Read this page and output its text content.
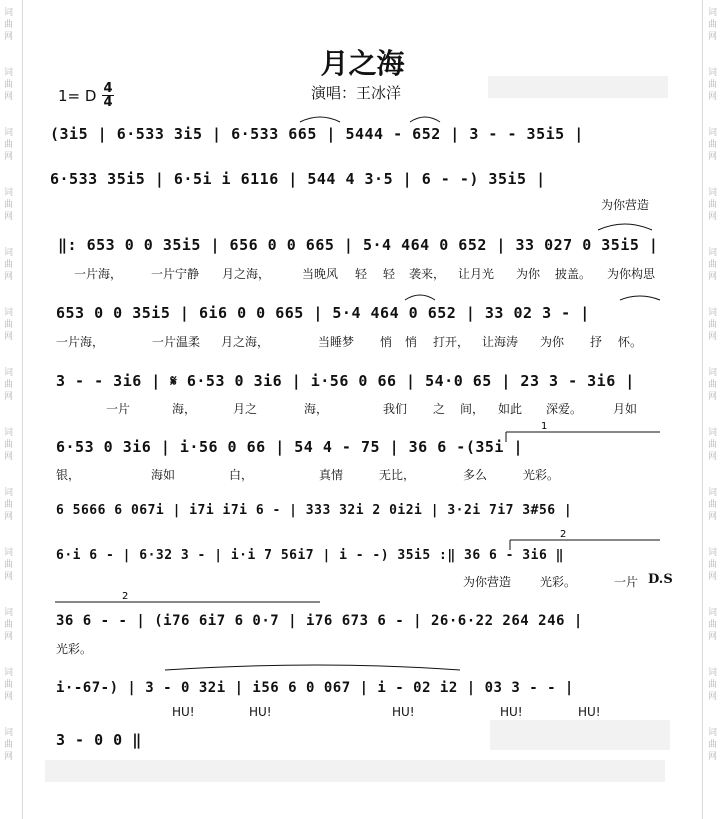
词
曲
网
词
曲
网
词
曲
网
词
曲
网
词
曲
网
词
曲
网
词
曲
网
词
曲
网
词
曲
网
词
曲
网
词
曲
网
词
曲
网
词
曲
网
词
曲
网
词
曲
网
词
曲
网
词
曲
网
词
曲
网
词
曲
网
词
曲
网
词
曲
网
词
曲
网
词
曲
网
词
曲
网
词
曲
网
词
曲
网
月之海
演唱：王冰洋
1= D 4
4
(3i5 | 6·533 3i5 | 6·533 665 | 5444 - 652 | 3 - - 35i5 |
6·533 35i5 | 6·5i i 6116 | 544 4 3·5 | 6 - -) 35i5 |
‖: 653 0 0 35i5 | 656 0 0 665 | 5·4 464 0 652 | 33 027 0 35i5 |
653 0 0 35i5 | 6i6 0 0 665 | 5·4 464 0 652 | 33 02 3 - |
3 - - 3i6 | 𝄋 6·53 0 3i6 | i·56 0 66 | 54·0 65 | 23 3 - 3i6 |
6·53 0 3i6 | i·56 0 66 | 54 4 - 75 | 36 6 -(35i |
6 5666 6 067i | i7i i7i 6 - | 333 32i 2 0i2i | 3·2i 7i7 3#56 |
6·i 6 - | 6·32 3 - | i·i 7 56i7 | i - -) 35i5 :‖ 36 6 - 3i6 ‖
36 6 - - | (i76 6i7 6 0·7 | i76 673 6 - | 26·6·22 264 246 |
i·-67-) | 3 - 0 32i | i56 6 0 067 | i - 02 i2 | 03 3 - - |
3 - 0 0 ‖
为你营造
一片海， 一片宁静 月之海，	当晚风 轻 轻 袭来， 让月光 为你 披盖。 为你构思
一片海，	一片温柔 月之海，	当睡梦 悄 悄 打开， 让海涛 为你 抒 怀。
一片	海，	月之	海，	我们 之 间， 如此 深爱。	月如
银，	海如	白，	真情	无比，	多么	光彩。
为你营造 光彩。	一片 D.S
光彩。
HU!	HU!	HU!	HU!	HU!
1
2
2
